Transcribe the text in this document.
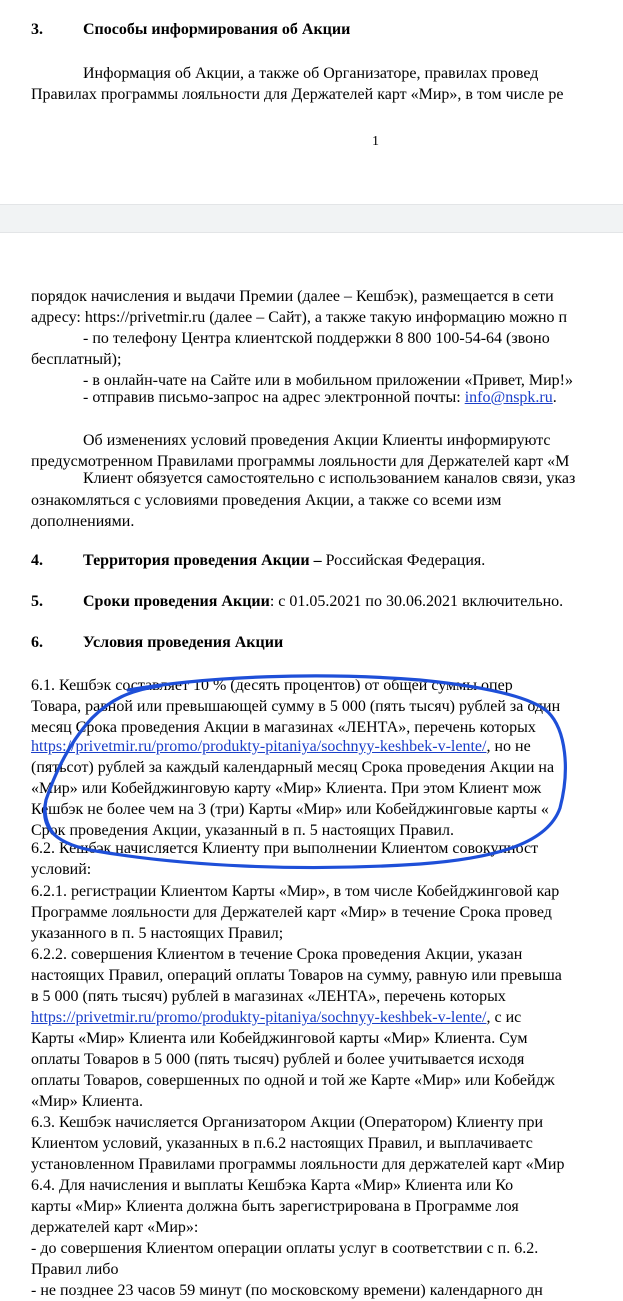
3.	Способы информирования об Акции
Информация об Акции, а также об Организаторе, правилах провед
Правилах программы лояльности для Держателей карт «Мир», в том числе ре
1
порядок начисления и выдачи Премии (далее – Кешбэк), размещается в сети
адресу: https://privetmir.ru (далее – Сайт), а также такую информацию можно п
- по телефону Центра клиентской поддержки 8 800 100-54-64 (звоно
бесплатный);
- в онлайн-чате на Сайте или в мобильном приложении «Привет, Мир!»
- отправив письмо-запрос на адрес электронной почты: info@nspk.ru.
Об изменениях условий проведения Акции Клиенты информируютс
предусмотренном Правилами программы лояльности для Держателей карт «М
Клиент обязуется самостоятельно с использованием каналов связи, указ
ознакомляться с условиями проведения Акции, а также со всеми изм
дополнениями.
4.	Территория проведения Акции – Российская Федерация.
5.	Сроки проведения Акции: с 01.05.2021 по 30.06.2021 включительно.
6.	Условия проведения Акции
6.1. Кешбэк составляет 10 % (десять процентов) от общей суммы опер
Товара, равной или превышающей сумму в 5 000 (пять тысяч) рублей за один
месяц Срока проведения Акции в магазинах «ЛЕНТА», перечень которых
https://privetmir.ru/promo/produkty-pitaniya/sochnyy-keshbek-v-lente/, но не
(пятьсот) рублей за каждый календарный месяц Срока проведения Акции на
«Мир» или Кобейджинговую карту «Мир» Клиента. При этом Клиент мож
Кешбэк не более чем на 3 (три) Карты «Мир» или Кобейджинговые карты «
Срок проведения Акции, указанный в п. 5 настоящих Правил.
6.2. Кешбэк начисляется Клиенту при выполнении Клиентом совокупност
условий:
6.2.1. регистрации Клиентом Карты «Мир», в том числе Кобейджинговой кар
Программе лояльности для Держателей карт «Мир» в течение Срока провед
указанного в п. 5 настоящих Правил;
6.2.2. совершения Клиентом в течение Срока проведения Акции, указан
настоящих Правил, операций оплаты Товаров на сумму, равную или превыша
в 5 000 (пять тысяч) рублей в магазинах «ЛЕНТА», перечень которых
https://privetmir.ru/promo/produkty-pitaniya/sochnyy-keshbek-v-lente/, с ис
Карты «Мир» Клиента или Кобейджинговой карты «Мир» Клиента. Сум
оплаты Товаров в 5 000 (пять тысяч) рублей и более учитывается исходя
оплаты Товаров, совершенных по одной и той же Карте «Мир» или Кобейдж
«Мир» Клиента.
6.3. Кешбэк начисляется Организатором Акции (Оператором) Клиенту при
Клиентом условий, указанных в п.6.2 настоящих Правил, и выплачиваетс
установленном Правилами программы лояльности для держателей карт «Мир
6.4. Для начисления и выплаты Кешбэка Карта «Мир» Клиента или Ко
карты «Мир» Клиента должна быть зарегистрирована в Программе лоя
держателей карт «Мир»:
- до совершения Клиентом операции оплаты услуг в соответствии с п. 6.2.
Правил либо
- не позднее 23 часов 59 минут (по московскому времени) календарного дн
